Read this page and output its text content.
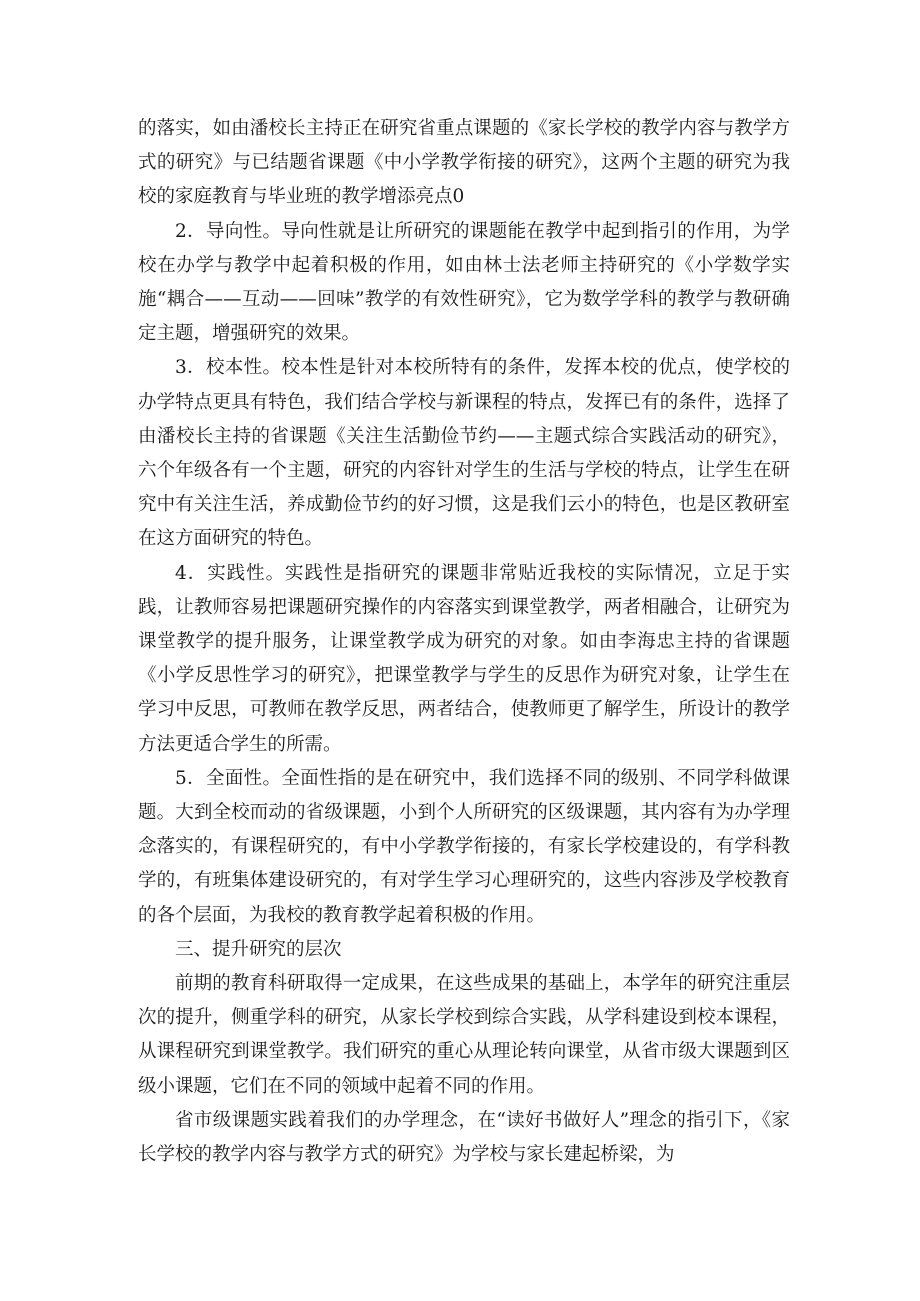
的落实，如由潘校长主持正在研究省重点课题的《家长学校的教学内容与教学方式的研究》与已结题省课题《中小学教学衔接的研究》，这两个主题的研究为我校的家庭教育与毕业班的教学增添亮点0

2．导向性。导向性就是让所研究的课题能在教学中起到指引的作用，为学校在办学与教学中起着积极的作用，如由林士法老师主持研究的《小学数学实施“耦合——互动——回味”教学的有效性研究》，它为数学学科的教学与教研确定主题，增强研究的效果。

3．校本性。校本性是针对本校所特有的条件，发挥本校的优点，使学校的办学特点更具有特色，我们结合学校与新课程的特点，发挥已有的条件，选择了由潘校长主持的省课题《关注生活勤俭节约——主题式综合实践活动的研究》，六个年级各有一个主题，研究的内容针对学生的生活与学校的特点，让学生在研究中有关注生活，养成勤俭节约的好习惯，这是我们云小的特色，也是区教研室在这方面研究的特色。

4．实践性。实践性是指研究的课题非常贴近我校的实际情况，立足于实践，让教师容易把课题研究操作的内容落实到课堂教学，两者相融合，让研究为课堂教学的提升服务，让课堂教学成为研究的对象。如由李海忠主持的省课题《小学反思性学习的研究》，把课堂教学与学生的反思作为研究对象，让学生在学习中反思，可教师在教学反思，两者结合，使教师更了解学生，所设计的教学方法更适合学生的所需。

5．全面性。全面性指的是在研究中，我们选择不同的级别、不同学科做课题。大到全校而动的省级课题，小到个人所研究的区级课题，其内容有为办学理念落实的，有课程研究的，有中小学教学衔接的，有家长学校建设的，有学科教学的，有班集体建设研究的，有对学生学习心理研究的，这些内容涉及学校教育的各个层面，为我校的教育教学起着积极的作用。

三、提升研究的层次

前期的教育科研取得一定成果，在这些成果的基础上，本学年的研究注重层次的提升，侧重学科的研究，从家长学校到综合实践，从学科建设到校本课程，从课程研究到课堂教学。我们研究的重心从理论转向课堂，从省市级大课题到区级小课题，它们在不同的领域中起着不同的作用。

省市级课题实践着我们的办学理念，在“读好书做好人”理念的指引下，《家长学校的教学内容与教学方式的研究》为学校与家长建起桥梁，为
